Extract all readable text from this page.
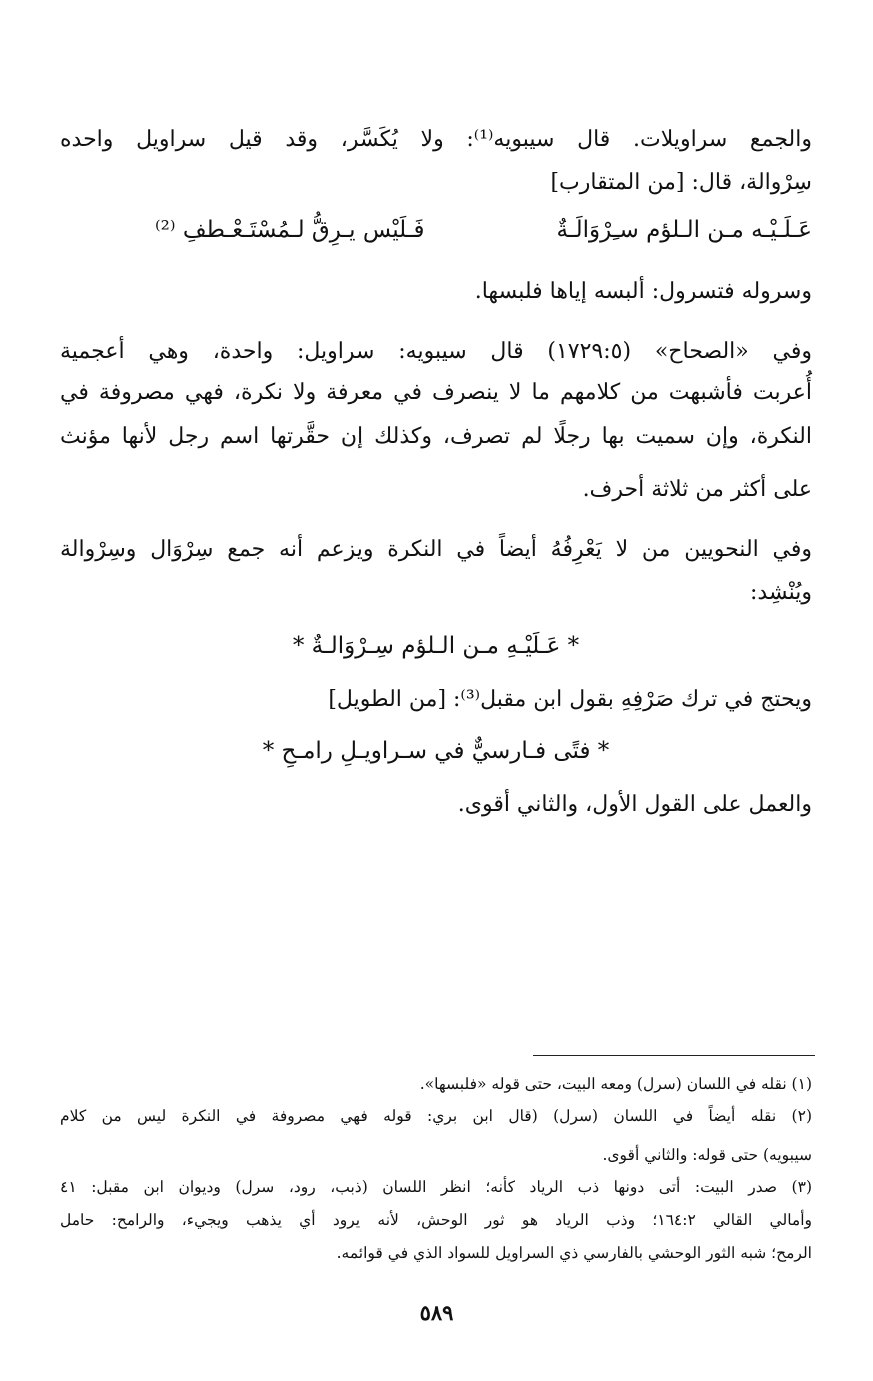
والجمع سراويلات. قال سيبويه⁽¹⁾: ولا يُكَسَّر، وقد قيل سراويل واحده
سِرْوالة، قال: [من المتقارب]
عَـلَـيْـه مـن الـلؤم سـِرْوَالَـةٌ
فَـلَيْس يـرِقُّ لـمُسْتَـعْـطفِ ⁽²⁾
وسروله فتسرول: ألبسه إياها فلبسها.
وفي «الصحاح» (١٧٢٩:٥) قال سيبويه: سراويل: واحدة، وهي أعجمية
أُعربت فأشبهت من كلامهم ما لا ينصرف في معرفة ولا نكرة، فهي مصروفة في
النكرة، وإن سميت بها رجلًا لم تصرف، وكذلك إن حقَّرتها اسم رجل لأنها مؤنث
على أكثر من ثلاثة أحرف.
وفي النحويين من لا يَعْرِفُهُ أيضاً في النكرة ويزعم أنه جمع سِرْوَال وسِرْوالة
ويُنْشِد:
* عَـلَيْـهِ مـن الـلؤم سِـرْوَالـةٌ *
ويحتج في ترك صَرْفِهِ بقول ابن مقبل⁽³⁾: [من الطويل]
* فتًى فـارسيٌّ في سـراويـلِ رامـحِ *
والعمل على القول الأول، والثاني أقوى.
(١) نقله في اللسان (سرل) ومعه البيت، حتى قوله «فلبسها».
(٢) نقله أيضاً في اللسان (سرل) (قال ابن بري: قوله فهي مصروفة في النكرة ليس من كلام
سيبويه) حتى قوله: والثاني أقوى.
(٣) صدر البيت: أتى دونها ذب الرياد كأنه؛ انظر اللسان (ذبب، رود، سرل) وديوان ابن مقبل: ٤١
وأمالي القالي ١٦٤:٢؛ وذب الرياد هو ثور الوحش، لأنه يرود أي يذهب ويجيء، والرامح: حامل
الرمح؛ شبه الثور الوحشي بالفارسي ذي السراويل للسواد الذي في قوائمه.
٥٨٩
